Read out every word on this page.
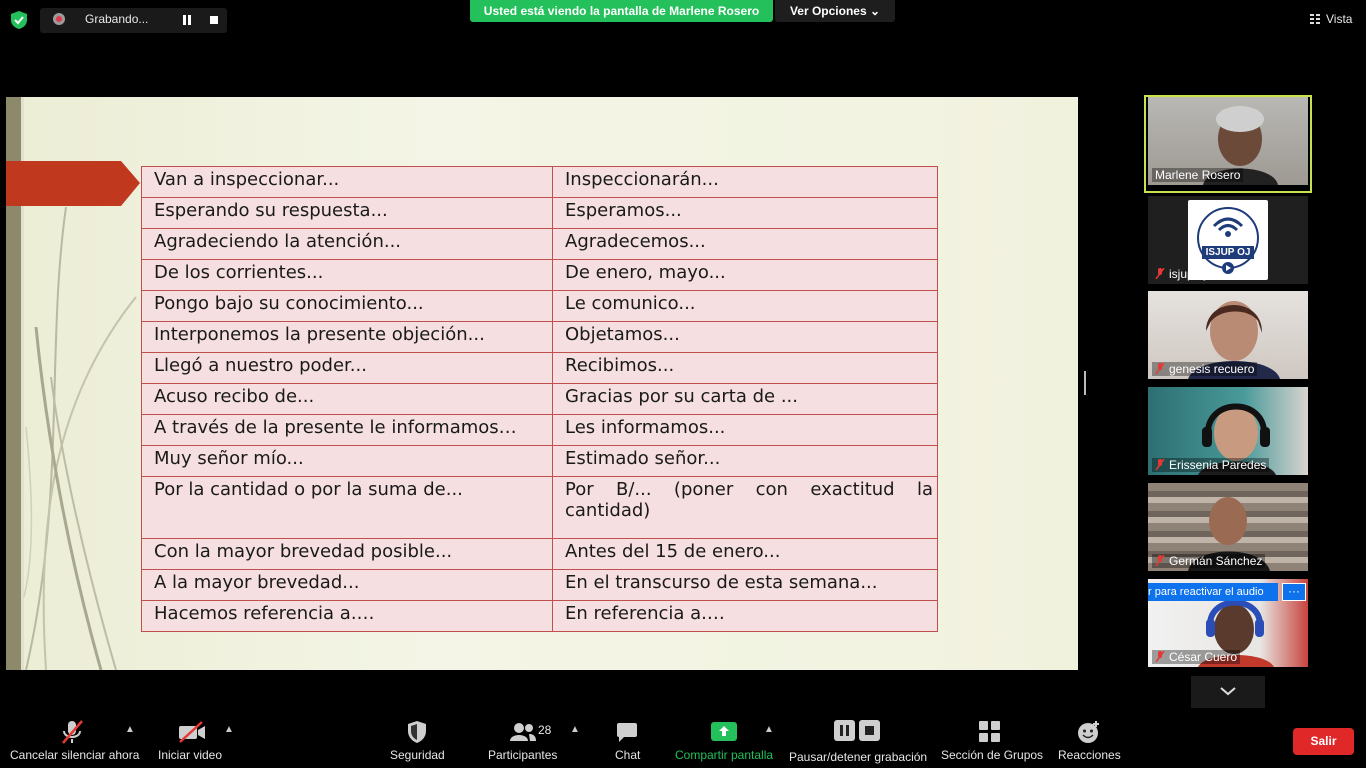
Grabando...
Usted está viendo la pantalla de Marlene Rosero	Ver Opciones ⌄
Vista
Van a inspeccionar...	Inspeccionarán...
Esperando su respuesta...	Esperamos...
Agradeciendo la atención...	Agradecemos...
De los corrientes...	De enero, mayo...
Pongo bajo su conocimiento...	Le comunico...
Interponemos la presente objeción...	Objetamos...
Llegó a nuestro poder...	Recibimos...
Acuso recibo de...	Gracias por su carta de ...
A través de la presente le informamos…	Les informamos...
Muy señor mío...	Estimado señor...
Por la cantidad o por la suma de...	Por B/... (poner con exactitud la cantidad)
Con la mayor brevedad posible...	Antes del 15 de enero...
A la mayor brevedad...	En el transcurso de esta semana...
Hacemos referencia a.…	En referencia a.…
Marlene Rosero
ISJUP OJ
isjup oj
genesis recuero
Erissenia Paredes
Germán Sánchez
César Cuero
r para reactivar el audio	···
▲
Cancelar silenciar ahora
▲
Iniciar video	Seguridad
28 ▲
Participantes	Chat
▲
Compartir pantalla Pausar/detener grabación Sección de Grupos Reacciones
Salir
